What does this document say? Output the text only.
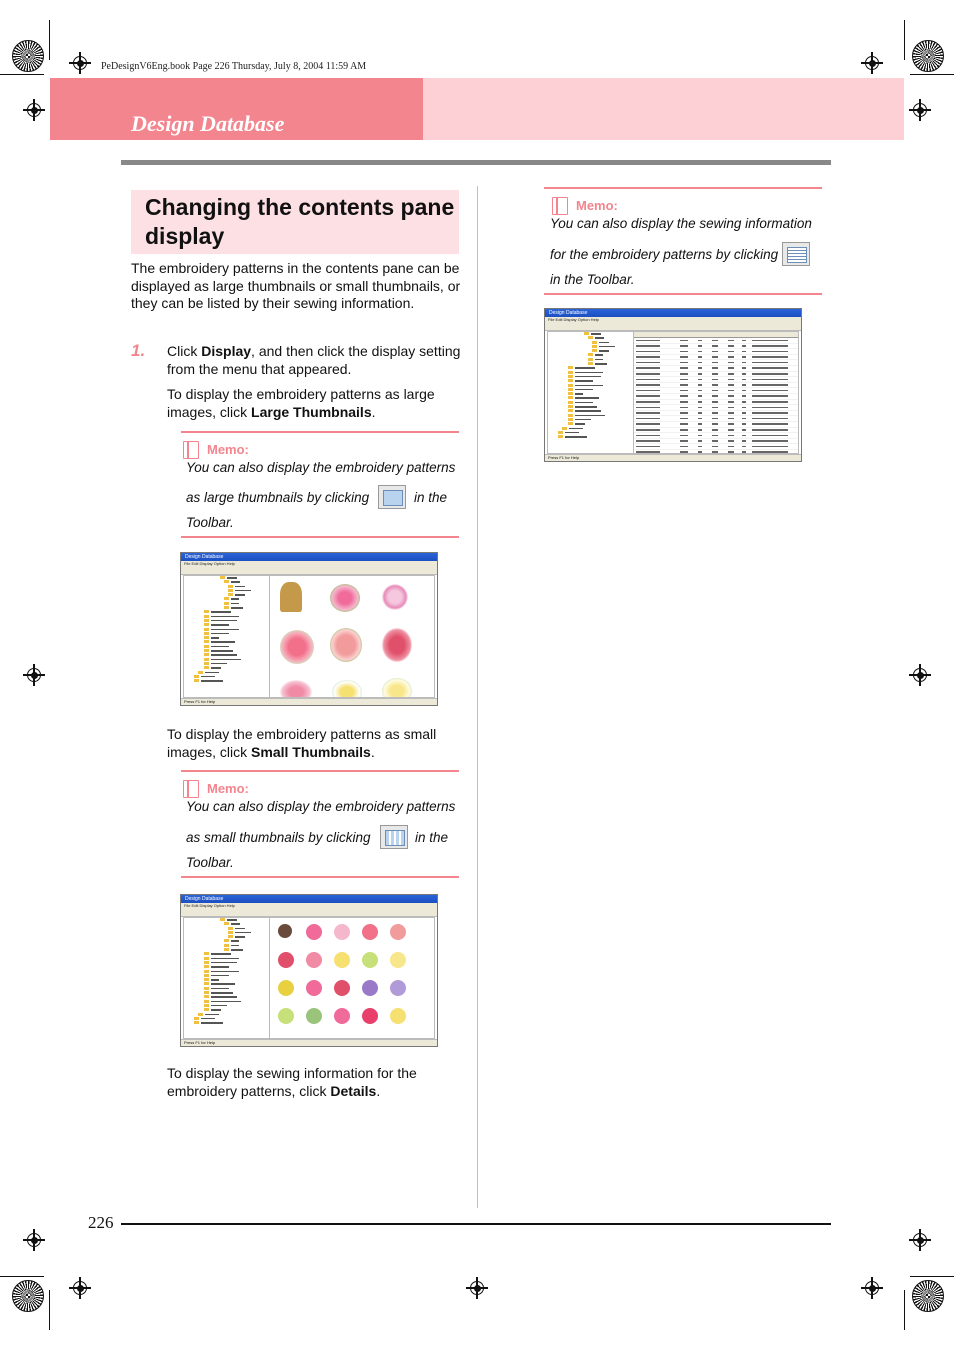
PeDesignV6Eng.book Page 226 Thursday, July 8, 2004 11:59 AM
Design Database
Changing the contents pane display
The embroidery patterns in the contents pane can be displayed as large thumbnails or small thumbnails, or they can be listed by their sewing information.
1. Click Display, and then click the display setting from the menu that appeared.
To display the embroidery patterns as large images, click Large Thumbnails.
Memo:
You can also display the embroidery patterns
as large thumbnails by clicking	in the
Toolbar.
Design Database
File Edit Display Option Help
Press F1 for Help
To display the embroidery patterns as small images, click Small Thumbnails.
Memo:
You can also display the embroidery patterns
as small thumbnails by clicking	in the
Toolbar.
Design Database
File Edit Display Option Help
Press F1 for Help
To display the sewing information for the embroidery patterns, click Details.
Memo:
You can also display the sewing information
for the embroidery patterns by clicking
in the Toolbar.
Design Database
File Edit Display Option Help
Press F1 for Help
226
